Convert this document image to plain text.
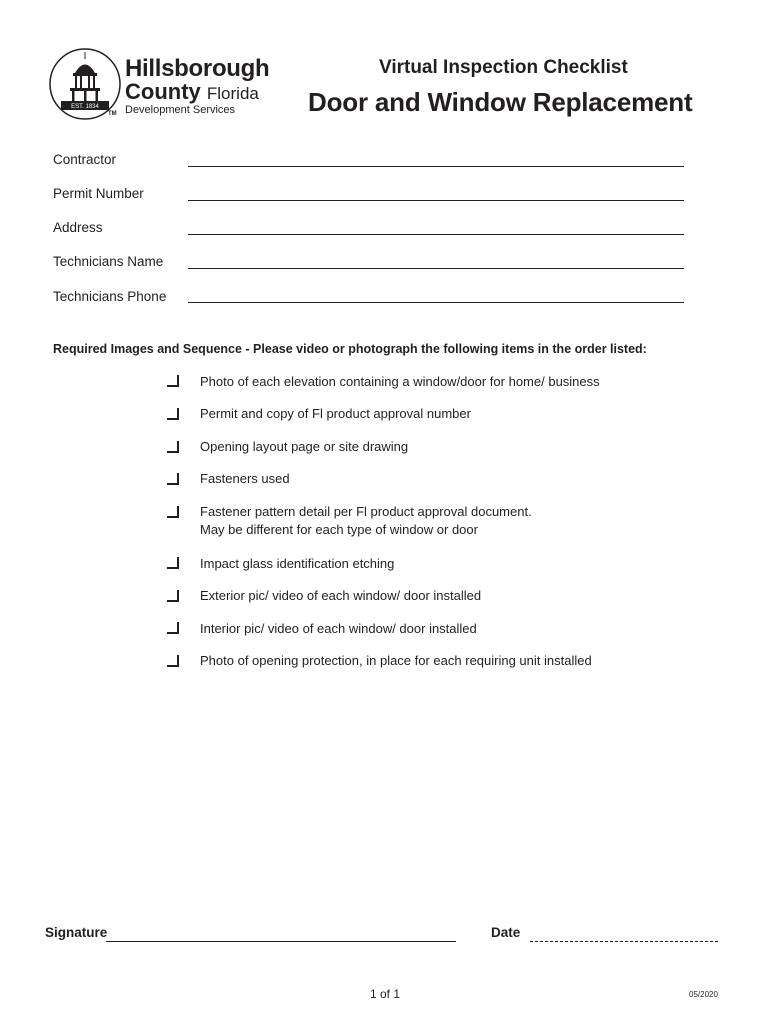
EST. 1834
Hillsborough
County Florida
Development Services
TM
Virtual Inspection Checklist
Door and Window Replacement
Contractor
Permit Number
Address
Technicians Name
Technicians Phone
Required Images and Sequence - Please video or photograph the following items in the order listed:
Photo of each elevation containing a window/door for home/ business
Permit and copy of Fl product approval number
Opening layout page or site drawing
Fasteners used
Fastener pattern detail per Fl product approval document.
May be different for each type of window or door
Impact glass identification etching
Exterior pic/ video of each window/ door installed
Interior pic/ video of each window/ door installed
Photo of opening protection, in place for each requiring unit installed
Signature	Date
1 of 1	05/2020
